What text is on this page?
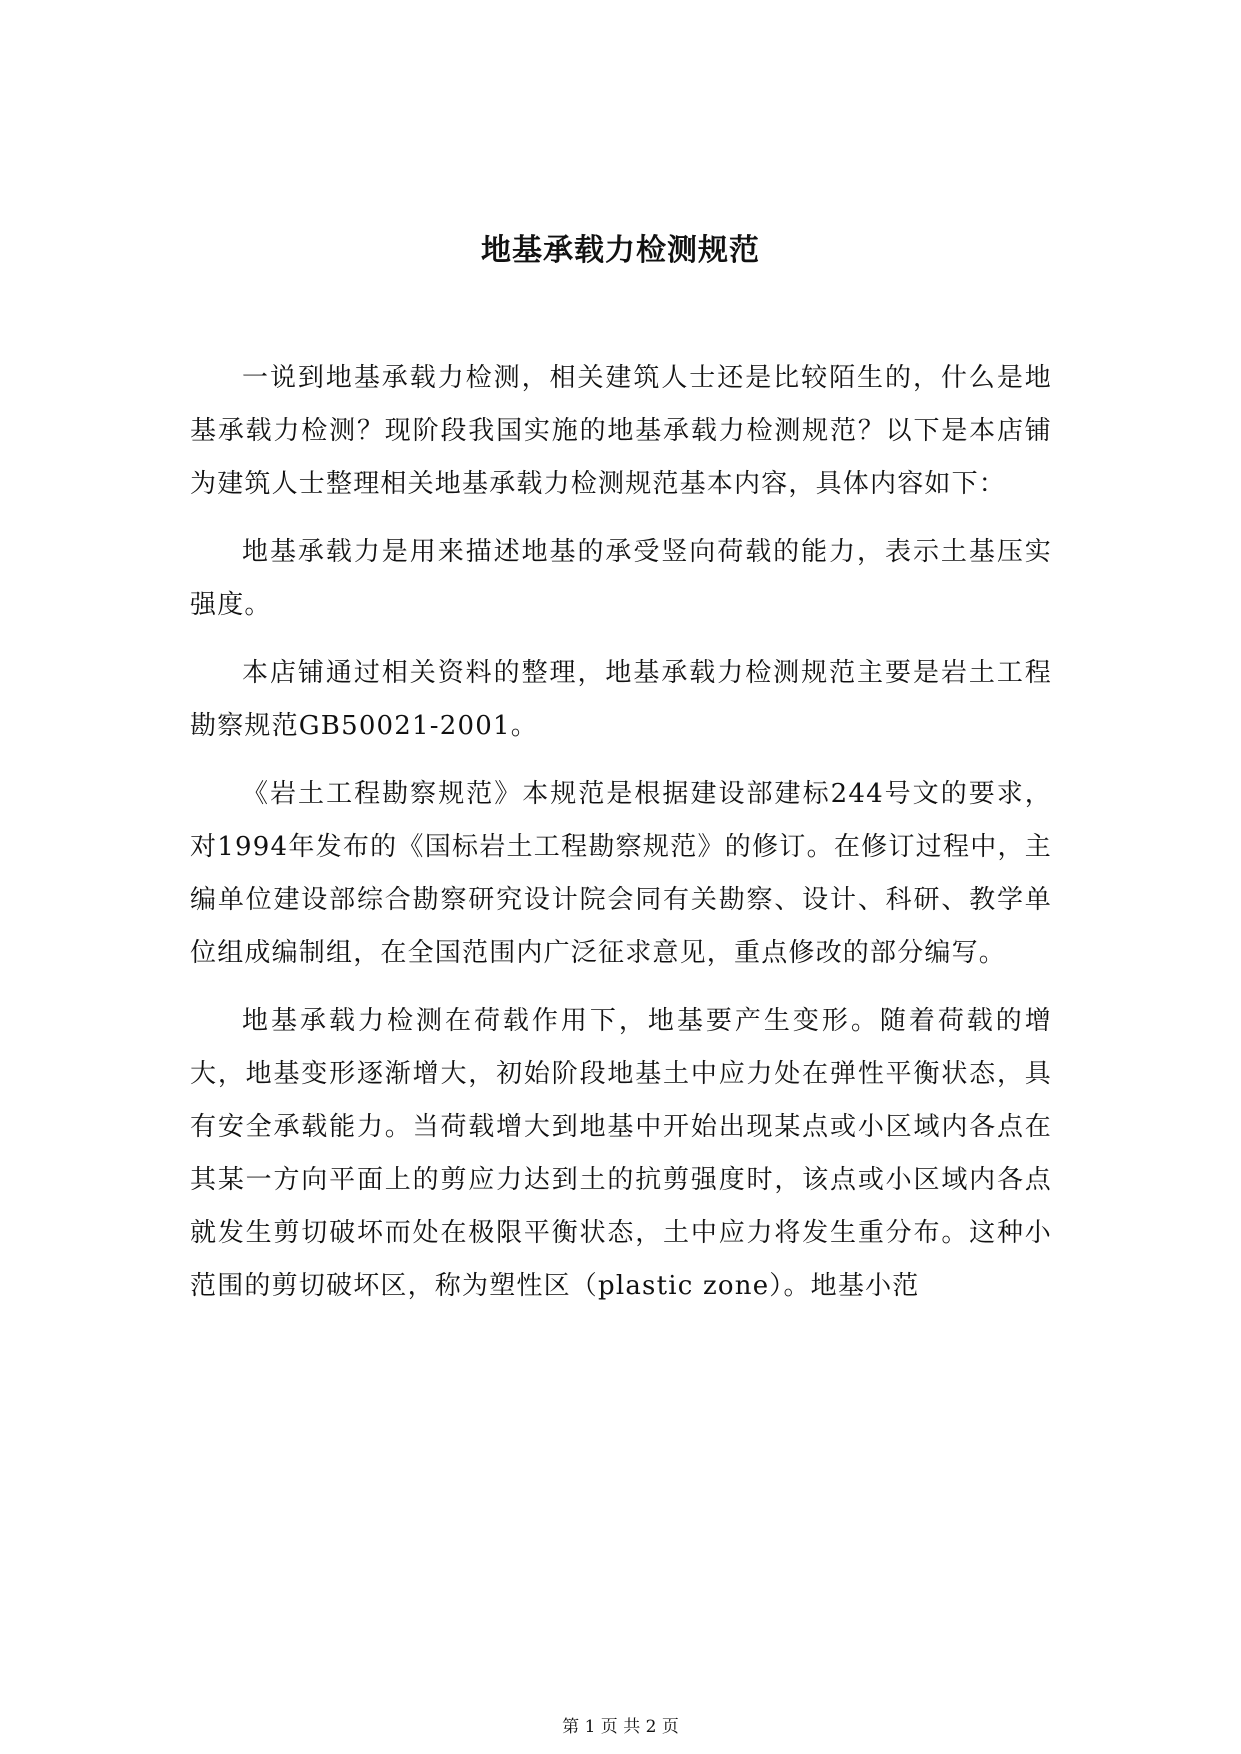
地基承载力检测规范

一说到地基承载力检测，相关建筑人士还是比较陌生的，什么是地基承载力检测？现阶段我国实施的地基承载力检测规范？以下是本店铺为建筑人士整理相关地基承载力检测规范基本内容，具体内容如下：

地基承载力是用来描述地基的承受竖向荷载的能力，表示土基压实强度。

本店铺通过相关资料的整理，地基承载力检测规范主要是岩土工程勘察规范GB50021-2001。

《岩土工程勘察规范》本规范是根据建设部建标244号文的要求，对1994年发布的《国标岩土工程勘察规范》的修订。在修订过程中，主编单位建设部综合勘察研究设计院会同有关勘察、设计、科研、教学单位组成编制组，在全国范围内广泛征求意见，重点修改的部分编写。

地基承载力检测在荷载作用下，地基要产生变形。随着荷载的增大，地基变形逐渐增大，初始阶段地基土中应力处在弹性平衡状态，具有安全承载能力。当荷载增大到地基中开始出现某点或小区域内各点在其某一方向平面上的剪应力达到土的抗剪强度时，该点或小区域内各点就发生剪切破坏而处在极限平衡状态，土中应力将发生重分布。这种小范围的剪切破坏区，称为塑性区（plastic zone）。地基小范

第 1 页 共 2 页
